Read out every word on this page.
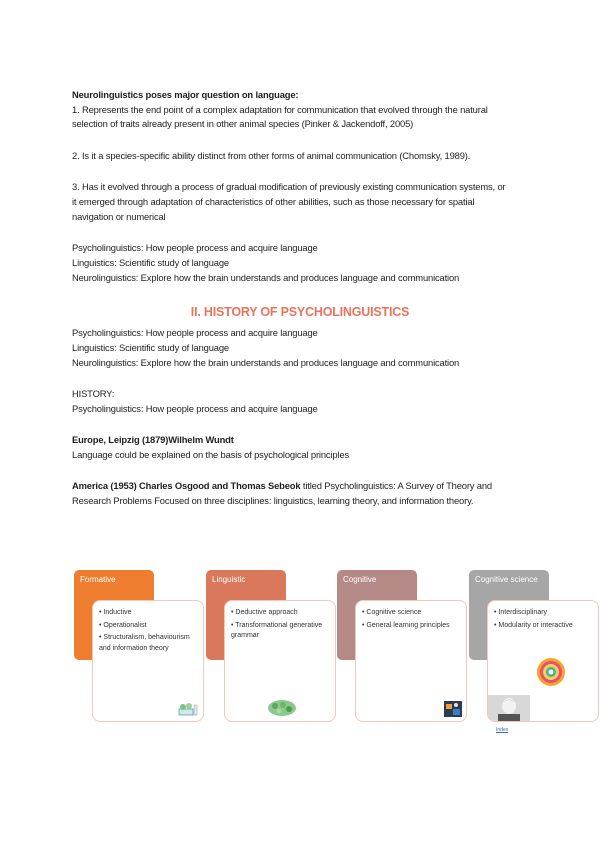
Neurolinguistics poses major question on language:
1. Represents the end point of a complex adaptation for communication that evolved through the natural
selection of traits already present in other animal species (Pinker & Jackendoff, 2005)
2. Is it a species-specific ability distinct from other forms of animal communication (Chomsky, 1989).
3. Has it evolved through a process of gradual modification of previously existing communication systems, or
it emerged through adaptation of characteristics of other abilities, such as those necessary for spatial
navigation or numerical
Psycholinguistics: How people process and acquire language
Linguistics: Scientific study of language
Neurolinguistics: Explore how the brain understands and produces language and communication
II. HISTORY OF PSYCHOLINGUISTICS
Psycholinguistics: How people process and acquire language
Linguistics: Scientific study of language
Neurolinguistics: Explore how the brain understands and produces language and communication
HISTORY:
Psycholinguistics: How people process and acquire language
Europe, Leipzig (1879)Wilhelm Wundt
Language could be explained on the basis of psychological principles
America (1953) Charles Osgood and Thomas Sebeok titled Psycholinguistics: A Survey of Theory and
Research Problems Focused on three disciplines: linguistics, learning theory, and information theory.
Formative
• Inductive
• Operationalist
• Structuralism, behaviourism and information theory
Linguistic
• Deductive approach
• Transformational generative grammar
Cognitive
• Cognitive science
• General learning principles
Cognitive science
• Interdisciplinary
• Modularity or interactive
Index
